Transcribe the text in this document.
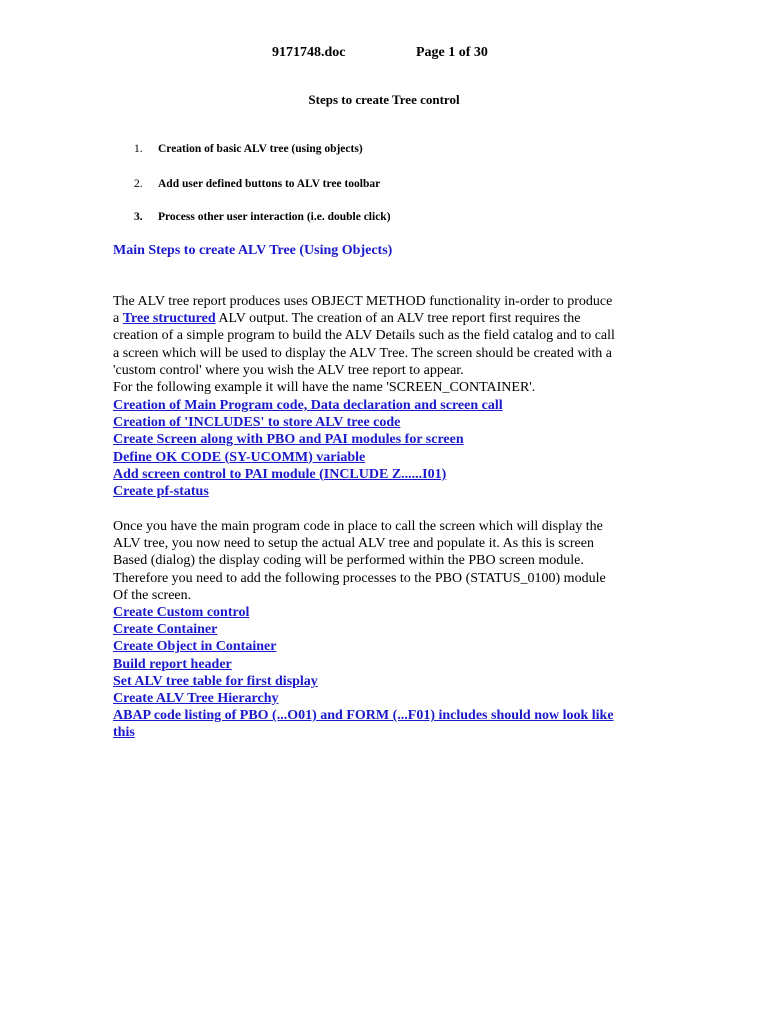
9171748.doc	Page 1 of 30
Steps to create Tree control
1. Creation of basic ALV tree (using objects)
2. Add user defined buttons to ALV tree toolbar
3. Process other user interaction (i.e. double click)
Main Steps to create ALV Tree (Using Objects)
The ALV tree report produces uses OBJECT METHOD functionality in-order to produce
a Tree structured ALV output. The creation of an ALV tree report first requires the
creation of a simple program to build the ALV Details such as the field catalog and to call
a screen which will be used to display the ALV Tree. The screen should be created with a
'custom control' where you wish the ALV tree report to appear.
For the following example it will have the name 'SCREEN_CONTAINER'.
Creation of Main Program code, Data declaration and screen call
Creation of 'INCLUDES' to store ALV tree code
Create Screen along with PBO and PAI modules for screen
Define OK CODE (SY-UCOMM) variable
Add screen control to PAI module (INCLUDE Z......I01)
Create pf-status
Once you have the main program code in place to call the screen which will display the
ALV tree, you now need to setup the actual ALV tree and populate it. As this is screen
Based (dialog) the display coding will be performed within the PBO screen module.
Therefore you need to add the following processes to the PBO (STATUS_0100) module
Of the screen.
Create Custom control
Create Container
Create Object in Container
Build report header
Set ALV tree table for first display
Create ALV Tree Hierarchy
ABAP code listing of PBO (...O01) and FORM (...F01) includes should now look like
this
